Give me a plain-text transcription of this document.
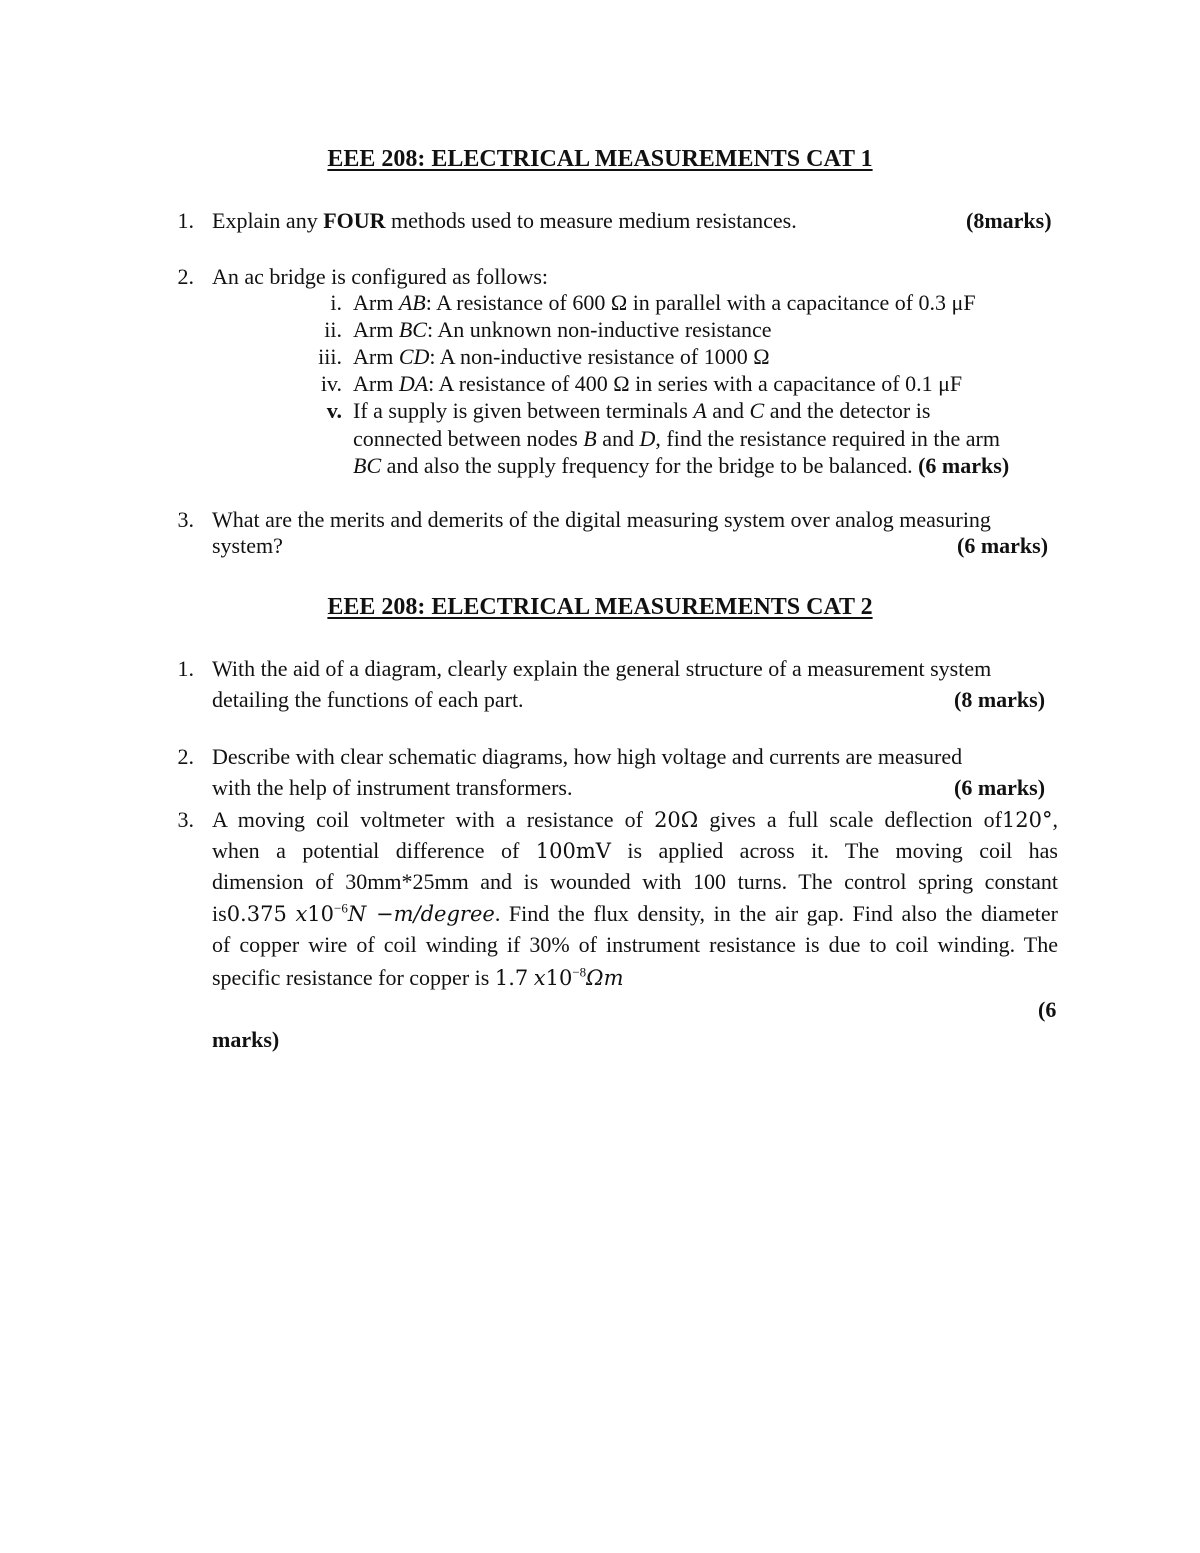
EEE 208: ELECTRICAL MEASUREMENTS CAT 1
1. Explain any FOUR methods used to measure medium resistances.	(8marks)
2. An ac bridge is configured as follows:
i. Arm AB: A resistance of 600 Ω in parallel with a capacitance of 0.3 μF
ii. Arm BC: An unknown non-inductive resistance
iii. Arm CD: A non-inductive resistance of 1000 Ω
iv. Arm DA: A resistance of 400 Ω in series with a capacitance of 0.1 μF
v. If a supply is given between terminals A and C and the detector is
connected between nodes B and D, find the resistance required in the arm
BC and also the supply frequency for the bridge to be balanced. (6 marks)
3. What are the merits and demerits of the digital measuring system over analog measuring
system?	(6 marks)
EEE 208: ELECTRICAL MEASUREMENTS CAT 2
1. With the aid of a diagram, clearly explain the general structure of a measurement system
detailing the functions of each part.	(8 marks)
2. Describe with clear schematic diagrams, how high voltage and currents are measured
with the help of instrument transformers.	(6 marks)
3. A moving coil voltmeter with a resistance of 20Ω gives a full scale deflection of120°,
when a potential difference of 100mV is applied across it. The moving coil has
dimension of 30mm*25mm and is wounded with 100 turns. The control spring constant
is0.375 $x10^{-6}N$ −m/degree. Find the flux density, in the air gap. Find also the diameter
of copper wire of coil winding if 30% of instrument resistance is due to coil winding. The
specific resistance for copper is 1.7 $x10^{-8}\Omega m$
(6
marks)
